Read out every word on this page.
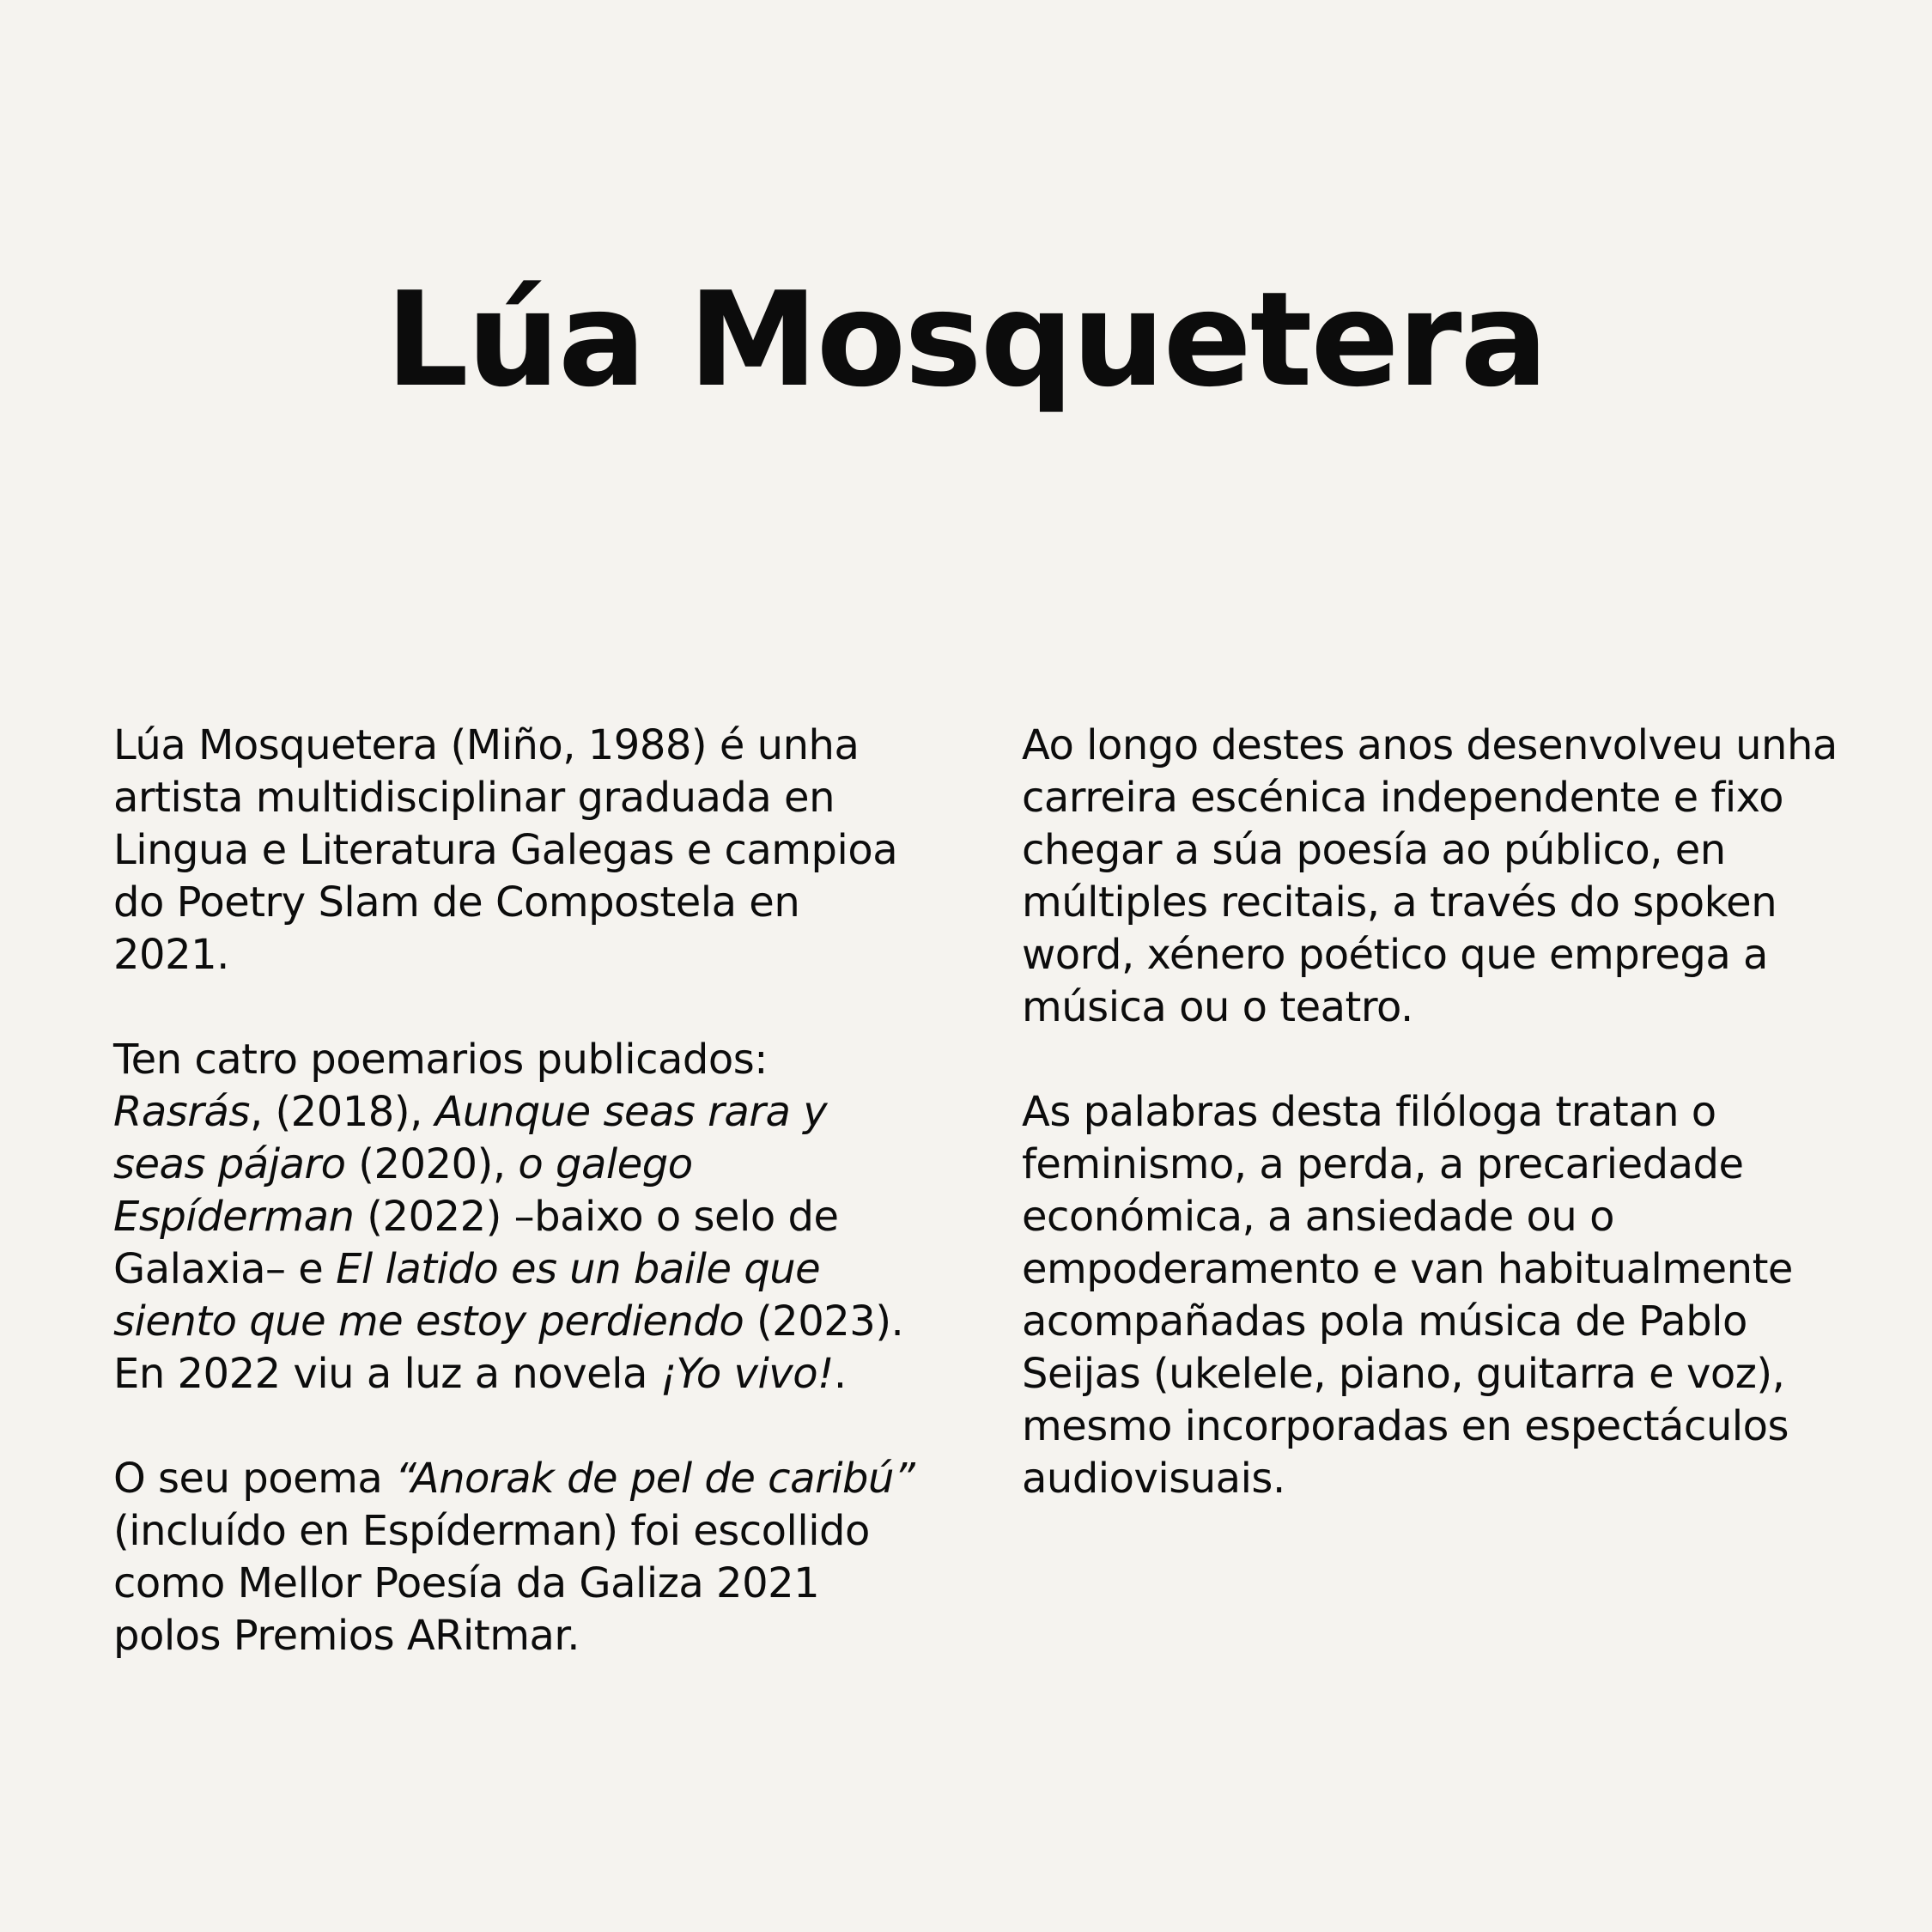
Lúa Mosquetera

Lúa Mosquetera (Miño, 1988) é unha artista multidisciplinar graduada en Lingua e Literatura Galegas e campioa do Poetry Slam de Compostela en 2021.

Ten catro poemarios publicados: Rasrás, (2018), Aunque seas rara y seas pájaro (2020), o galego Espíderman (2022) –baixo o selo de Galaxia– e El latido es un baile que siento que me estoy perdiendo (2023). En 2022 viu a luz a novela ¡Yo vivo!.

O seu poema “Anorak de pel de caribú” (incluído en Espíderman) foi escollido como Mellor Poesía da Galiza 2021 polos Premios ARitmar.

Ao longo destes anos desenvolveu unha carreira escénica independente e fixo chegar a súa poesía ao público, en múltiples recitais, a través do spoken word, xénero poético que emprega a música ou o teatro.

As palabras desta filóloga tratan o feminismo, a perda, a precariedade económica, a ansiedade ou o empoderamento e van habitualmente acompañadas pola música de Pablo Seijas (ukelele, piano, guitarra e voz), mesmo incorporadas en espectáculos audiovisuais.
